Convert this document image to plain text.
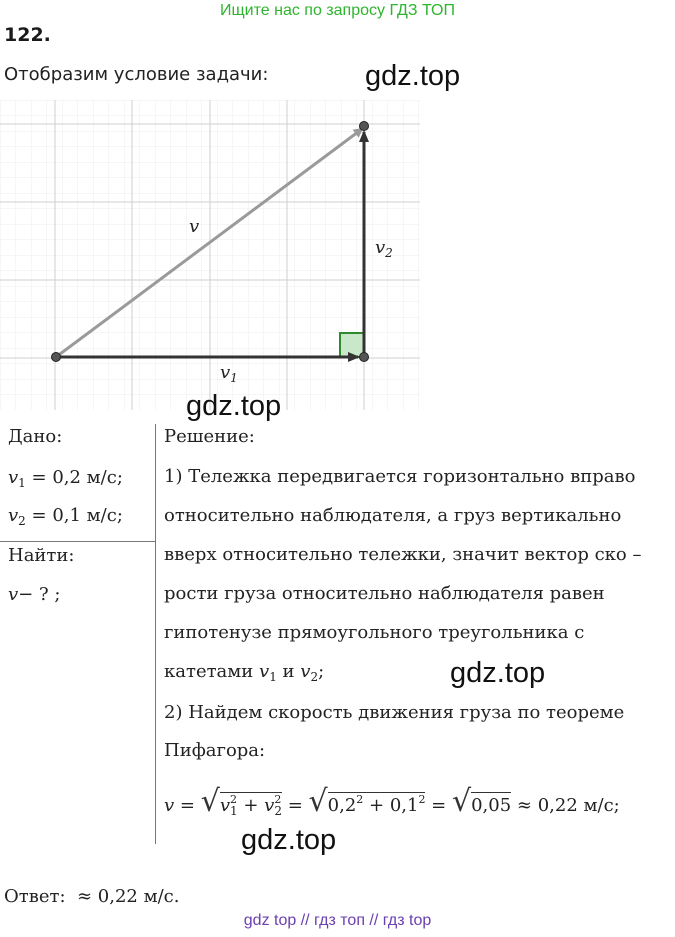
Ищите нас по запросу ГДЗ ТОП
122.
Отобразим условие задачи:
v
$v_2$
$v_1$
gdz.top
gdz.top
gdz.top
gdz.top
Дано:
$v_1 = 0,2$ м/с;
$v_2 = 0,1$ м/с;
Найти:
v− ? ;
Решение:
1) Тележка передвигается горизонтально вправо
относительно наблюдателя, а груз вертикально
вверх относительно тележки, значит вектор ско –
рости груза относительно наблюдателя равен
гипотенузе прямоугольного треугольника с
катетами $v_1$ и $v_2$;
2) Найдем скорость движения груза по теореме
Пифагора:
$v = √v^2_1 + v^2_2 = √0,2^2 + 0,1^2 = √0,05 \approx 0,22$ м/с;
Ответ: ≈ 0,22 м/с.
gdz top // гдз топ // гдз top
